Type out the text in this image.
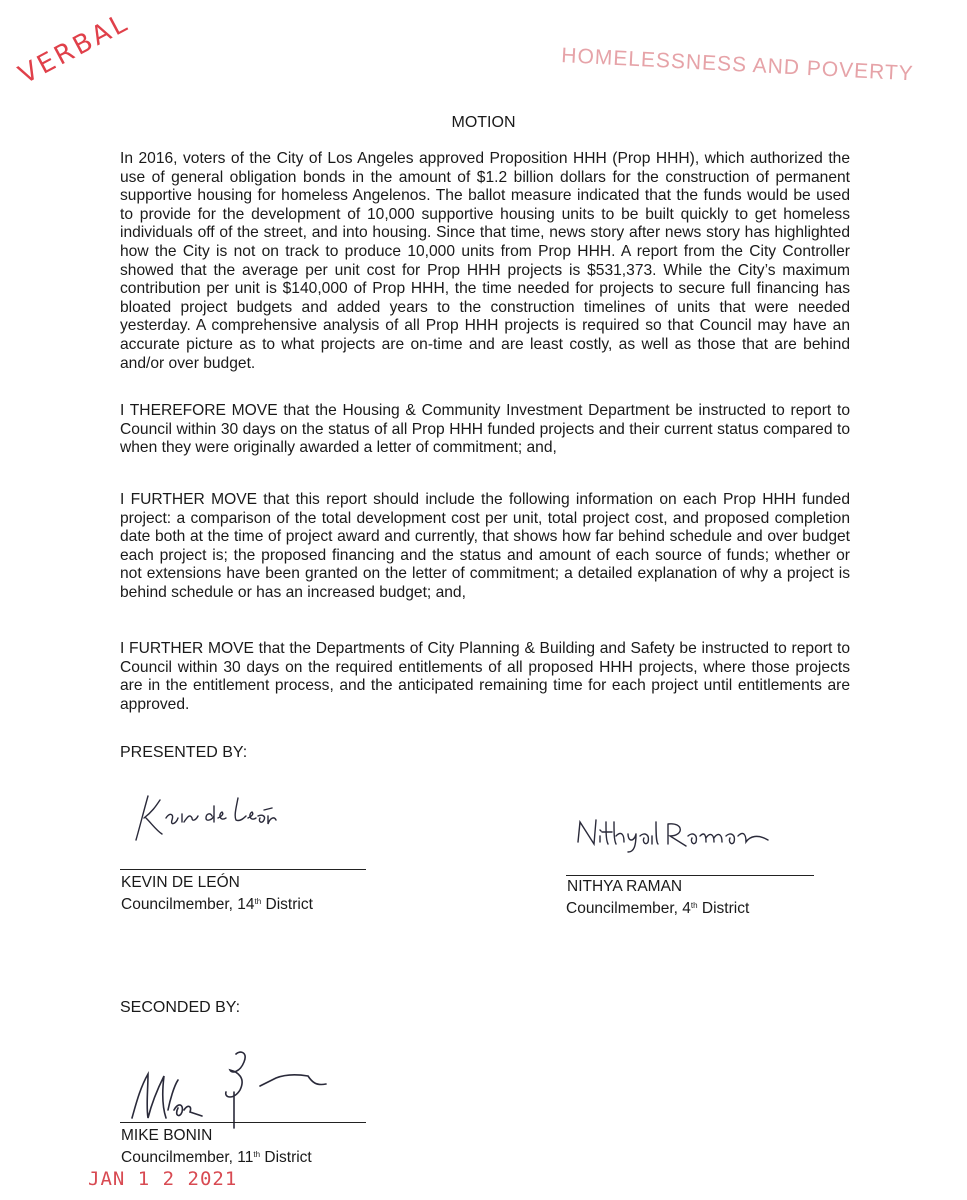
VERBAL	HOMELESSNESS AND POVERTY
MOTION
In 2016, voters of the City of Los Angeles approved Proposition HHH (Prop HHH), which authorized the use of general obligation bonds in the amount of $1.2 billion dollars for the construction of permanent supportive housing for homeless Angelenos. The ballot measure indicated that the funds would be used to provide for the development of 10,000 supportive housing units to be built quickly to get homeless individuals off of the street, and into housing. Since that time, news story after news story has highlighted how the City is not on track to produce 10,000 units from Prop HHH. A report from the City Controller showed that the average per unit cost for Prop HHH projects is $531,373. While the City’s maximum contribution per unit is $140,000 of Prop HHH, the time needed for projects to secure full financing has bloated project budgets and added years to the construction timelines of units that were needed yesterday. A comprehensive analysis of all Prop HHH projects is required so that Council may have an accurate picture as to what projects are on-time and are least costly, as well as those that are behind and/or over budget.
I THEREFORE MOVE that the Housing & Community Investment Department be instructed to report to Council within 30 days on the status of all Prop HHH funded projects and their current status compared to when they were originally awarded a letter of commitment; and,
I FURTHER MOVE that this report should include the following information on each Prop HHH funded project: a comparison of the total development cost per unit, total project cost, and proposed completion date both at the time of project award and currently, that shows how far behind schedule and over budget each project is; the proposed financing and the status and amount of each source of funds; whether or not extensions have been granted on the letter of commitment; a detailed explanation of why a project is behind schedule or has an increased budget; and,
I FURTHER MOVE that the Departments of City Planning & Building and Safety be instructed to report to Council within 30 days on the required entitlements of all proposed HHH projects, where those projects are in the entitlement process, and the anticipated remaining time for each project until entitlements are approved.
PRESENTED BY:
KEVIN DE LEÓN
Councilmember, 14th District
NITHYA RAMAN
Councilmember, 4th District
SECONDED BY:
MIKE BONIN
Councilmember, 11th District
JAN 1 2 2021
